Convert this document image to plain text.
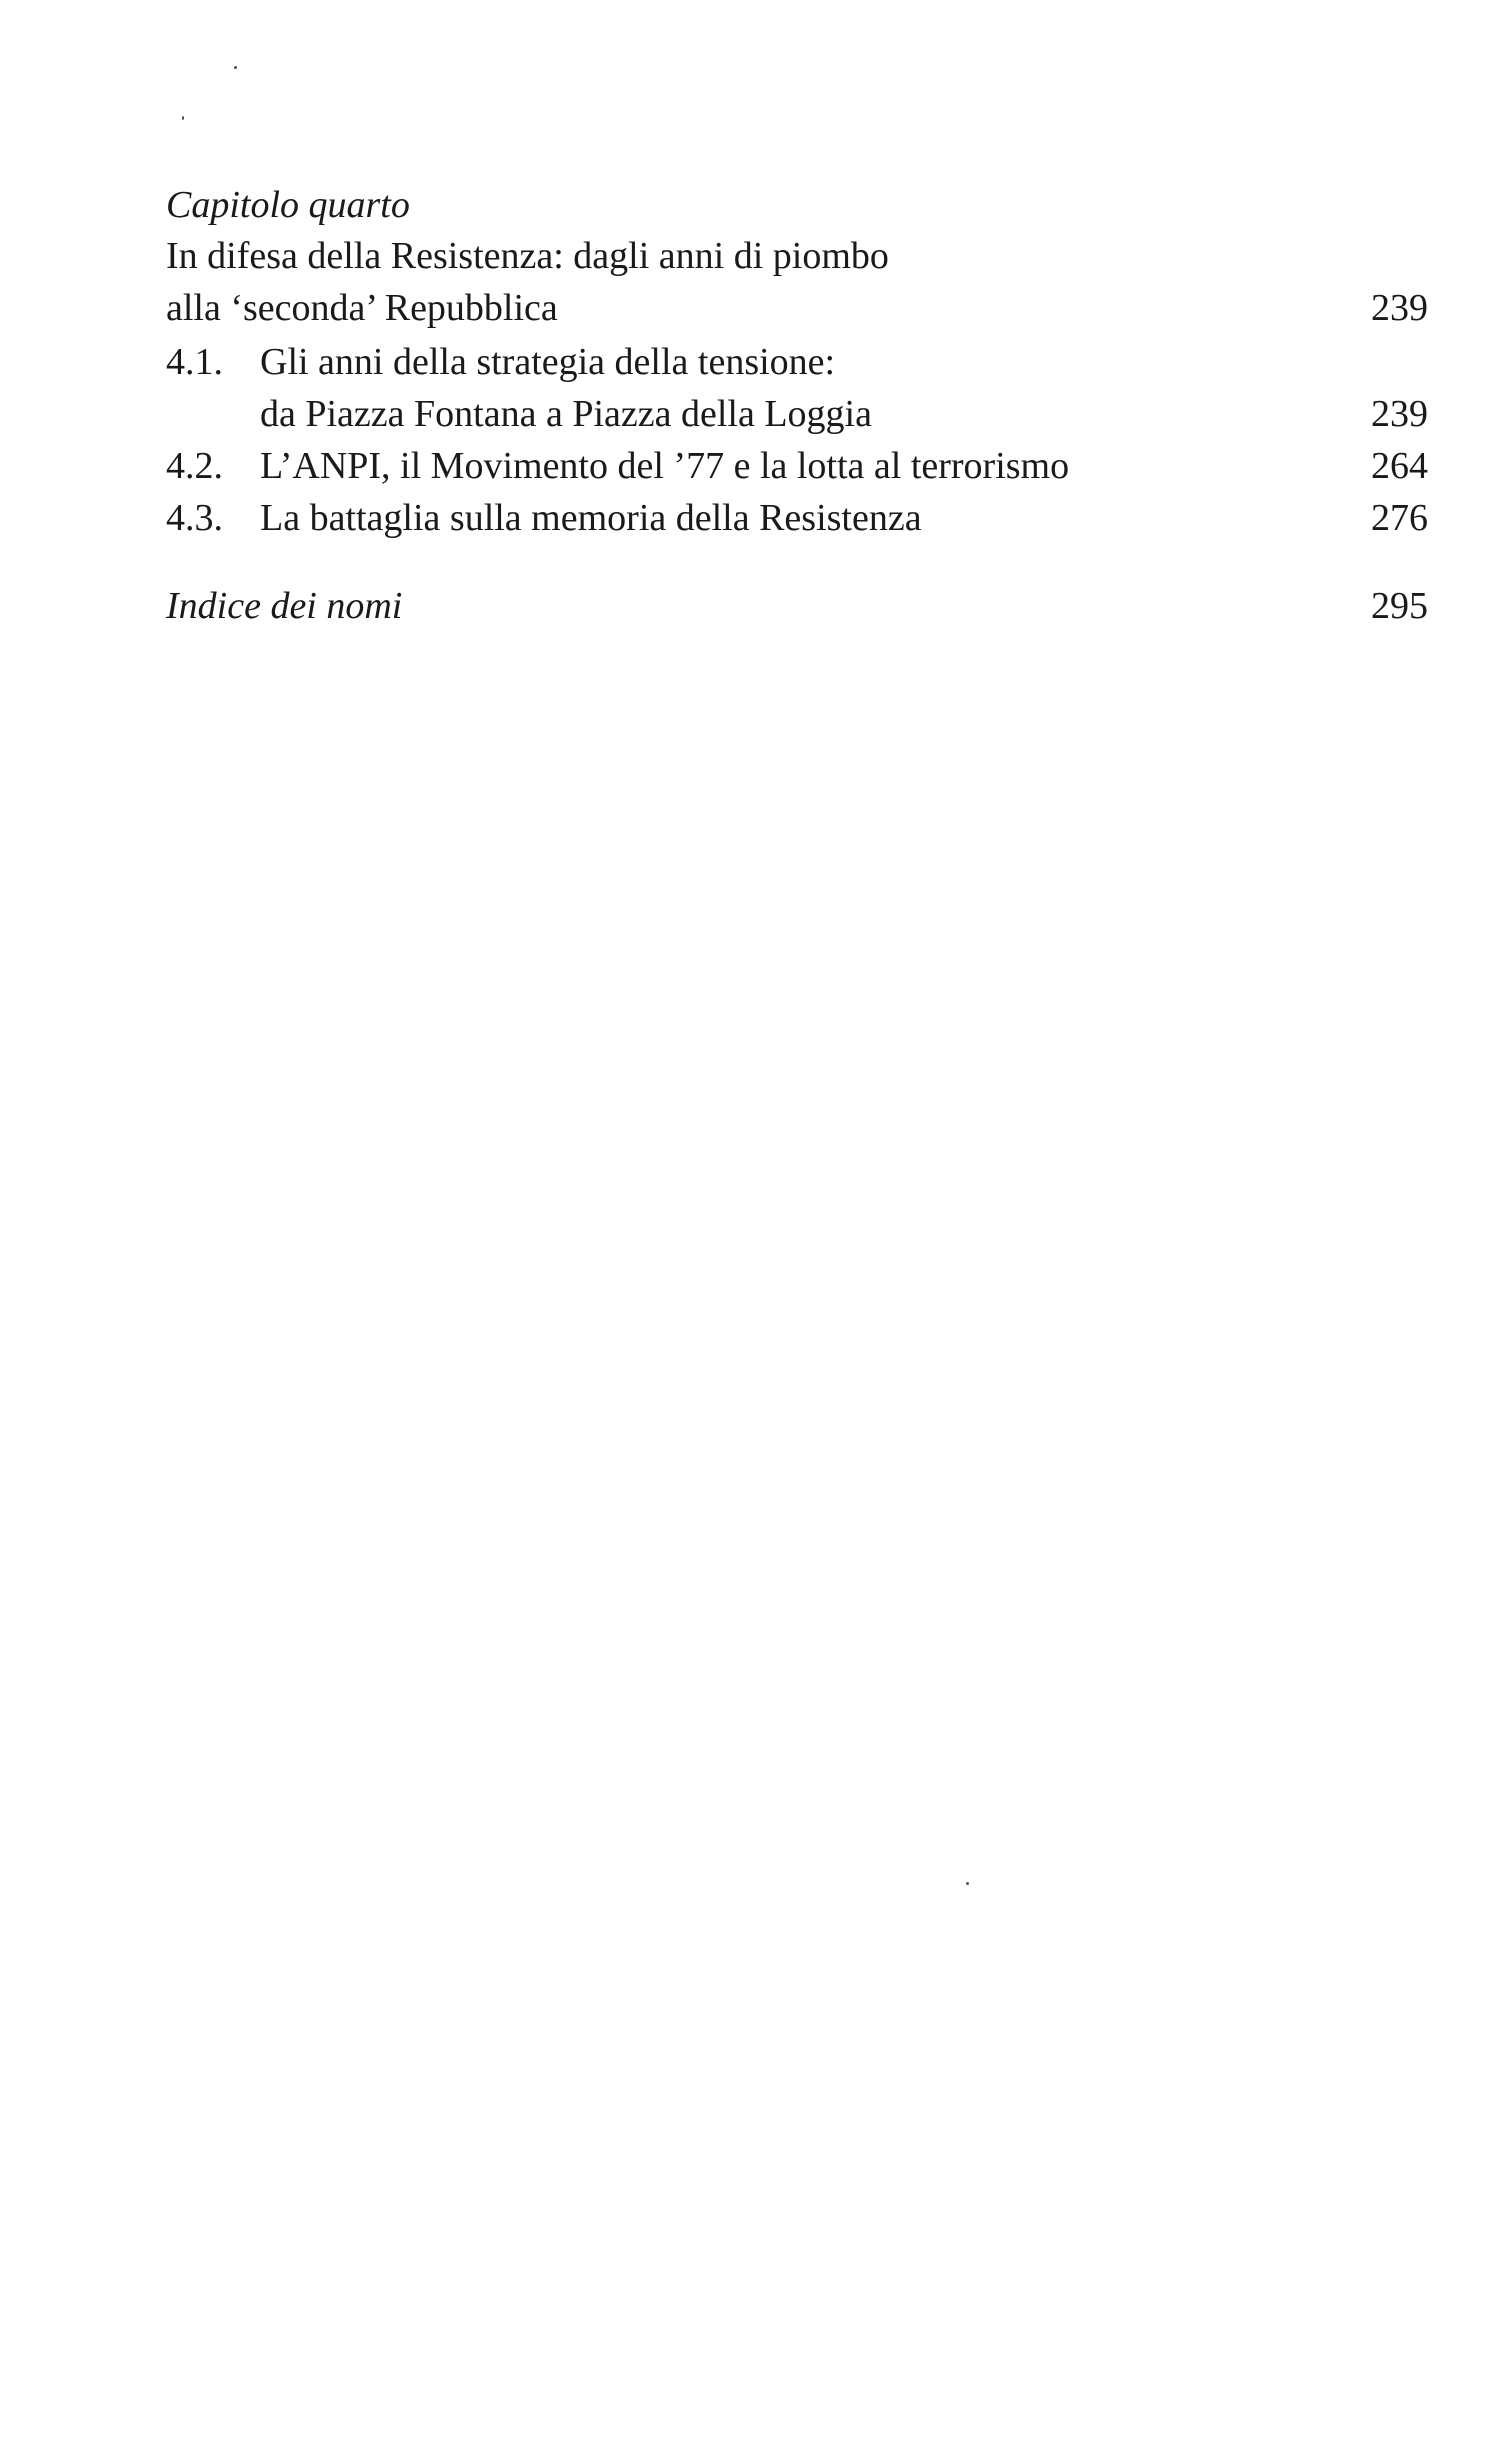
Capitolo quarto
In difesa della Resistenza: dagli anni di piombo
alla ‘seconda’ Repubblica	239
4.1. Gli anni della strategia della tensione:
da Piazza Fontana a Piazza della Loggia	239
4.2. L’ANPI, il Movimento del ’77 e la lotta al terrorismo	264
4.3. La battaglia sulla memoria della Resistenza	276
Indice dei nomi	295
